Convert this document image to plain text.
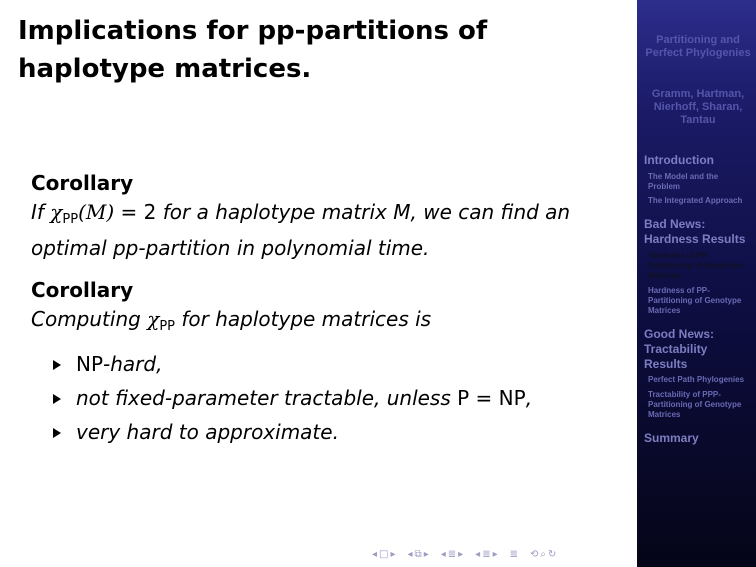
Implications for pp-partitions of haplotype matrices.
Corollary
If $\chi_{PP}(M) = 2$ for a haplotype matrix M, we can find an optimal pp-partition in polynomial time.
Corollary
Computing $\chi_{PP}$ for haplotype matrices is
NP-hard,
not fixed-parameter tractable, unless P = NP,
very hard to approximate.
Partitioning and Perfect Phylogenies
Gramm, Hartman, Nierhoff, Sharan, Tantau
Introduction
The Model and the Problem
The Integrated Approach
Bad News: Hardness Results
Hardness of PP-Partitioning of Haplotype Matrices
Hardness of PP-Partitioning of Genotype Matrices
Good News: Tractability Results
Perfect Path Phylogenies
Tractability of PPP-Partitioning of Genotype Matrices
Summary
◂ □ ▸ ◂ ⧉ ▸ ◂ ≣ ▸ ◂ ≣ ▸ ≣ ⟲ ⌕ ↻
